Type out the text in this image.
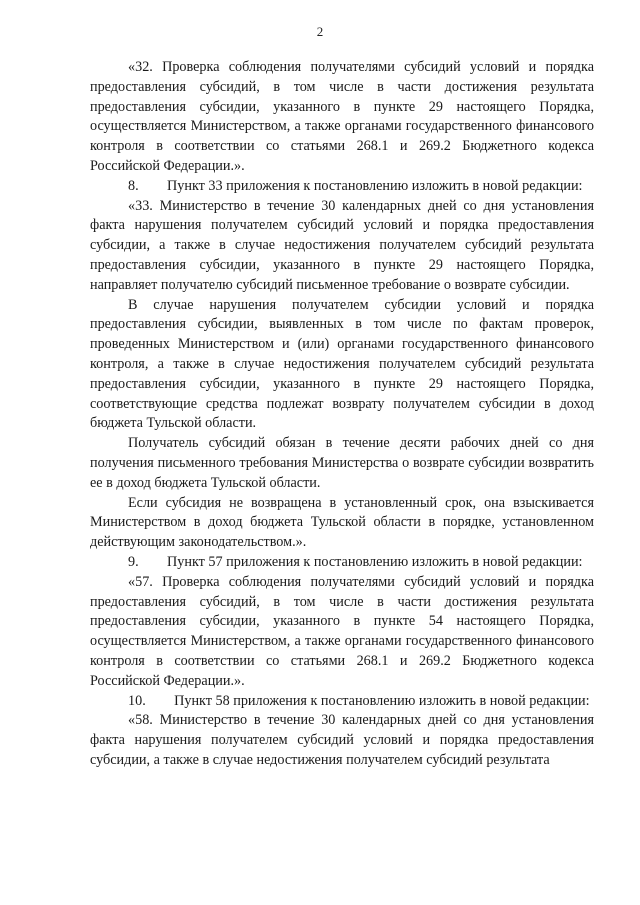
2

«32. Проверка соблюдения получателями субсидий условий и порядка предоставления субсидий, в том числе в части достижения результата предоставления субсидии, указанного в пункте 29 настоящего Порядка, осуществляется Министерством, а также органами государственного финансового контроля в соответствии со статьями 268.1 и 269.2 Бюджетного кодекса Российской Федерации.».

8.  Пункт 33 приложения к постановлению изложить в новой редакции:

«33. Министерство в течение 30 календарных дней со дня установления факта нарушения получателем субсидий условий и порядка предоставления субсидии, а также в случае недостижения получателем субсидий результата предоставления субсидии, указанного в пункте 29 настоящего Порядка, направляет получателю субсидий письменное требование о возврате субсидии.

В случае нарушения получателем субсидии условий и порядка предоставления субсидии, выявленных в том числе по фактам проверок, проведенных Министерством и (или) органами государственного финансового контроля, а также в случае недостижения получателем субсидий результата предоставления субсидии, указанного в пункте 29 настоящего Порядка, соответствующие средства подлежат возврату получателем субсидии в доход бюджета Тульской области.

Получатель субсидий обязан в течение десяти рабочих дней со дня получения письменного требования Министерства о возврате субсидии возвратить ее в доход бюджета Тульской области.

Если субсидия не возвращена в установленный срок, она взыскивается Министерством в доход бюджета Тульской области в порядке, установленном действующим законодательством.».

9.  Пункт 57 приложения к постановлению изложить в новой редакции:

«57. Проверка соблюдения получателями субсидий условий и порядка предоставления субсидий, в том числе в части достижения результата предоставления субсидии, указанного в пункте 54 настоящего Порядка, осуществляется Министерством, а также органами государственного финансового контроля в соответствии со статьями 268.1 и 269.2 Бюджетного кодекса Российской Федерации.».

10.  Пункт 58 приложения к постановлению изложить в новой редакции:

«58. Министерство в течение 30 календарных дней со дня установления факта нарушения получателем субсидий условий и порядка предоставления субсидии, а также в случае недостижения получателем субсидий результата
